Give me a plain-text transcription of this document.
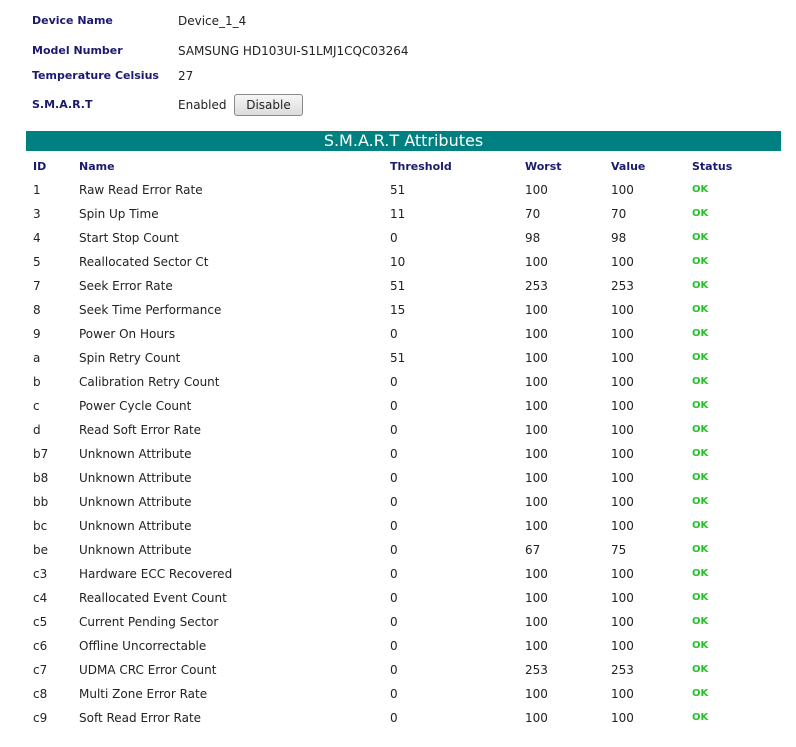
Device Name	Device_1_4
Model Number	SAMSUNG HD103UI-S1LMJ1CQC03264
Temperature Celsius	27
S.M.A.R.T	Enabled	Disable
S.M.A.R.T Attributes
ID	Name	Threshold	Worst	Value	Status
1	Raw Read Error Rate	51	100	100	OK
3	Spin Up Time	11	70	70	OK
4	Start Stop Count	0	98	98	OK
5	Reallocated Sector Ct	10	100	100	OK
7	Seek Error Rate	51	253	253	OK
8	Seek Time Performance	15	100	100	OK
9	Power On Hours	0	100	100	OK
a	Spin Retry Count	51	100	100	OK
b	Calibration Retry Count	0	100	100	OK
c	Power Cycle Count	0	100	100	OK
d	Read Soft Error Rate	0	100	100	OK
b7	Unknown Attribute	0	100	100	OK
b8	Unknown Attribute	0	100	100	OK
bb	Unknown Attribute	0	100	100	OK
bc	Unknown Attribute	0	100	100	OK
be	Unknown Attribute	0	67	75	OK
c3	Hardware ECC Recovered	0	100	100	OK
c4	Reallocated Event Count	0	100	100	OK
c5	Current Pending Sector	0	100	100	OK
c6	Offline Uncorrectable	0	100	100	OK
c7	UDMA CRC Error Count	0	253	253	OK
c8	Multi Zone Error Rate	0	100	100	OK
c9	Soft Read Error Rate	0	100	100	OK
